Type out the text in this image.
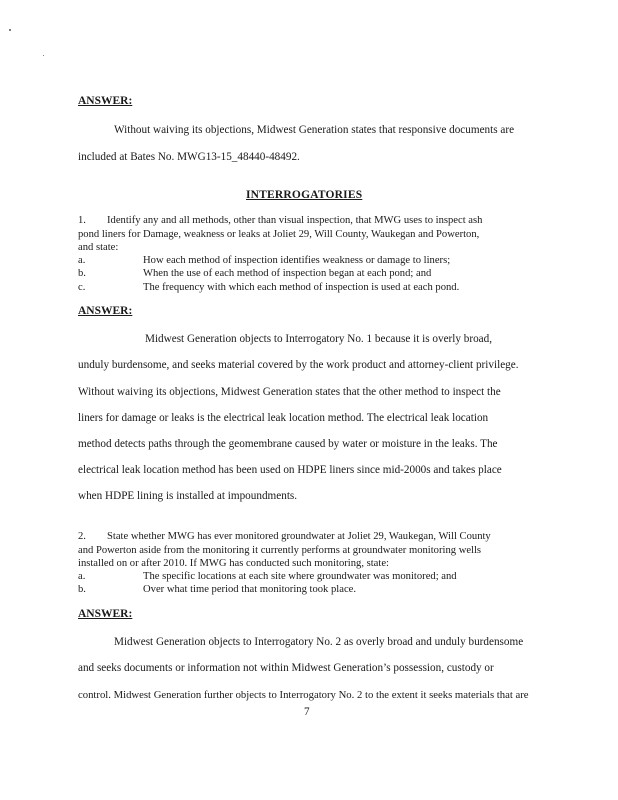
ANSWER:
Without waiving its objections, Midwest Generation states that responsive documents are
included at Bates No. MWG13-15_48440-48492.
INTERROGATORIES
1. Identify any and all methods, other than visual inspection, that MWG uses to inspect ash
pond liners for Damage, weakness or leaks at Joliet 29, Will County, Waukegan and Powerton,
and state:
a.	How each method of inspection identifies weakness or damage to liners;
b.	When the use of each method of inspection began at each pond; and
c.	The frequency with which each method of inspection is used at each pond.
ANSWER:
Midwest Generation objects to Interrogatory No. 1 because it is overly broad,
unduly burdensome, and seeks material covered by the work product and attorney-client privilege.
Without waiving its objections, Midwest Generation states that the other method to inspect the
liners for damage or leaks is the electrical leak location method. The electrical leak location
method detects paths through the geomembrane caused by water or moisture in the leaks. The
electrical leak location method has been used on HDPE liners since mid-2000s and takes place
when HDPE lining is installed at impoundments.
2. State whether MWG has ever monitored groundwater at Joliet 29, Waukegan, Will County
and Powerton aside from the monitoring it currently performs at groundwater monitoring wells
installed on or after 2010. If MWG has conducted such monitoring, state:
a.	The specific locations at each site where groundwater was monitored; and
b.	Over what time period that monitoring took place.
ANSWER:
Midwest Generation objects to Interrogatory No. 2 as overly broad and unduly burdensome
and seeks documents or information not within Midwest Generation’s possession, custody or
control. Midwest Generation further objects to Interrogatory No. 2 to the extent it seeks materials that are
7
